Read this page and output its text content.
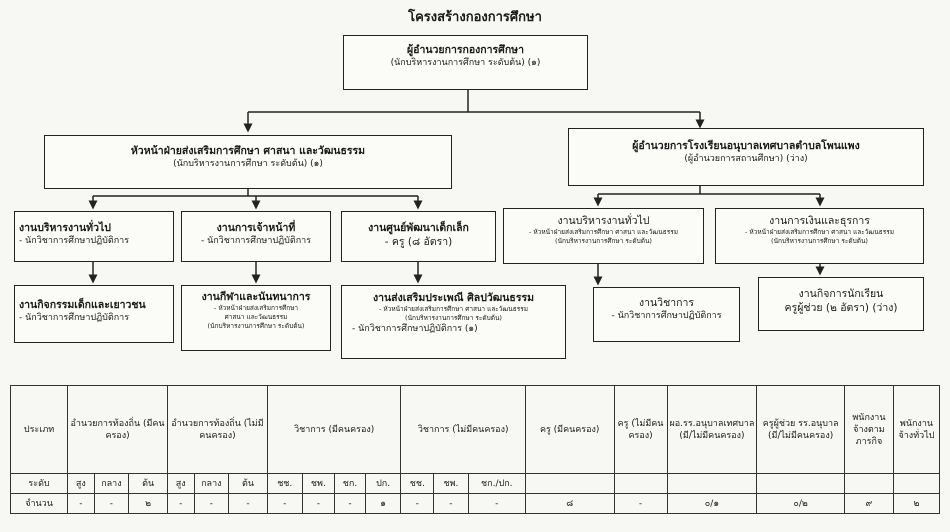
โครงสร้างกองการศึกษา
ผู้อำนวยการกองการศึกษา
(นักบริหารงานการศึกษา ระดับต้น) (๑)
หัวหน้าฝ่ายส่งเสริมการศึกษา ศาสนา และวัฒนธรรม
(นักบริหารงานการศึกษา ระดับต้น) (๑)
ผู้อำนวยการโรงเรียนอนุบาลเทศบาลตำบลโพนแพง
(ผู้อำนวยการสถานศึกษา) (ว่าง)
งานบริหารงานทั่วไป
- นักวิชาการศึกษาปฏิบัติการ
งานการเจ้าหน้าที่
- นักวิชาการศึกษาปฏิบัติการ
งานศูนย์พัฒนาเด็กเล็ก
- ครู (๘ อัตรา)
งานบริหารงานทั่วไป
- หัวหน้าฝ่ายส่งเสริมการศึกษา ศาสนา และวัฒนธรรม
(นักบริหารงานการศึกษา ระดับต้น)
งานการเงินและธุรการ
- หัวหน้าฝ่ายส่งเสริมการศึกษา ศาสนา และวัฒนธรรม
(นักบริหารงานการศึกษา ระดับต้น)
งานกิจกรรมเด็กและเยาวชน
- นักวิชาการศึกษาปฏิบัติการ
งานกีฬาและนันทนาการ
- หัวหน้าฝ่ายส่งเสริมการศึกษา
ศาสนา และวัฒนธรรม
(นักบริหารงานการศึกษา ระดับต้น)
งานส่งเสริมประเพณี ศิลปวัฒนธรรม
- หัวหน้าฝ่ายส่งเสริมการศึกษา ศาสนา และวัฒนธรรม
(นักบริหารงานการศึกษา ระดับต้น)
- นักวิชาการศึกษาปฏิบัติการ (๑)
งานวิชาการ
- นักวิชาการศึกษาปฏิบัติการ
งานกิจการนักเรียน
ครูผู้ช่วย (๒ อัตรา) (ว่าง)
ประเภท	อำนวยการท้องถิ่น (มีคนครอง)			อำนวยการท้องถิ่น (ไม่มีคนครอง)			วิชาการ (มีคนครอง)				วิชาการ (ไม่มีคนครอง)			ครู (มีคนครอง)	ครู (ไม่มีคนครอง)	ผอ.รร.อนุบาลเทศบาล (มี/ไม่มีคนครอง)	ครูผู้ช่วย รร.อนุบาล (มี/ไม่มีคนครอง)	พนักงานจ้างตามภารกิจ	พนักงานจ้างทั่วไป
ระดับ	สูง	กลาง	ต้น	สูง	กลาง	ต้น	ชช.	ชพ.	ชก.	ปก.	ชช.	ชพ.	ชก./ปก.						
จำนวน	-	-	๒	-	-	-	-	-	-	๑	-	-	-	๘	-	๐/๑	๐/๒	๙	๒
